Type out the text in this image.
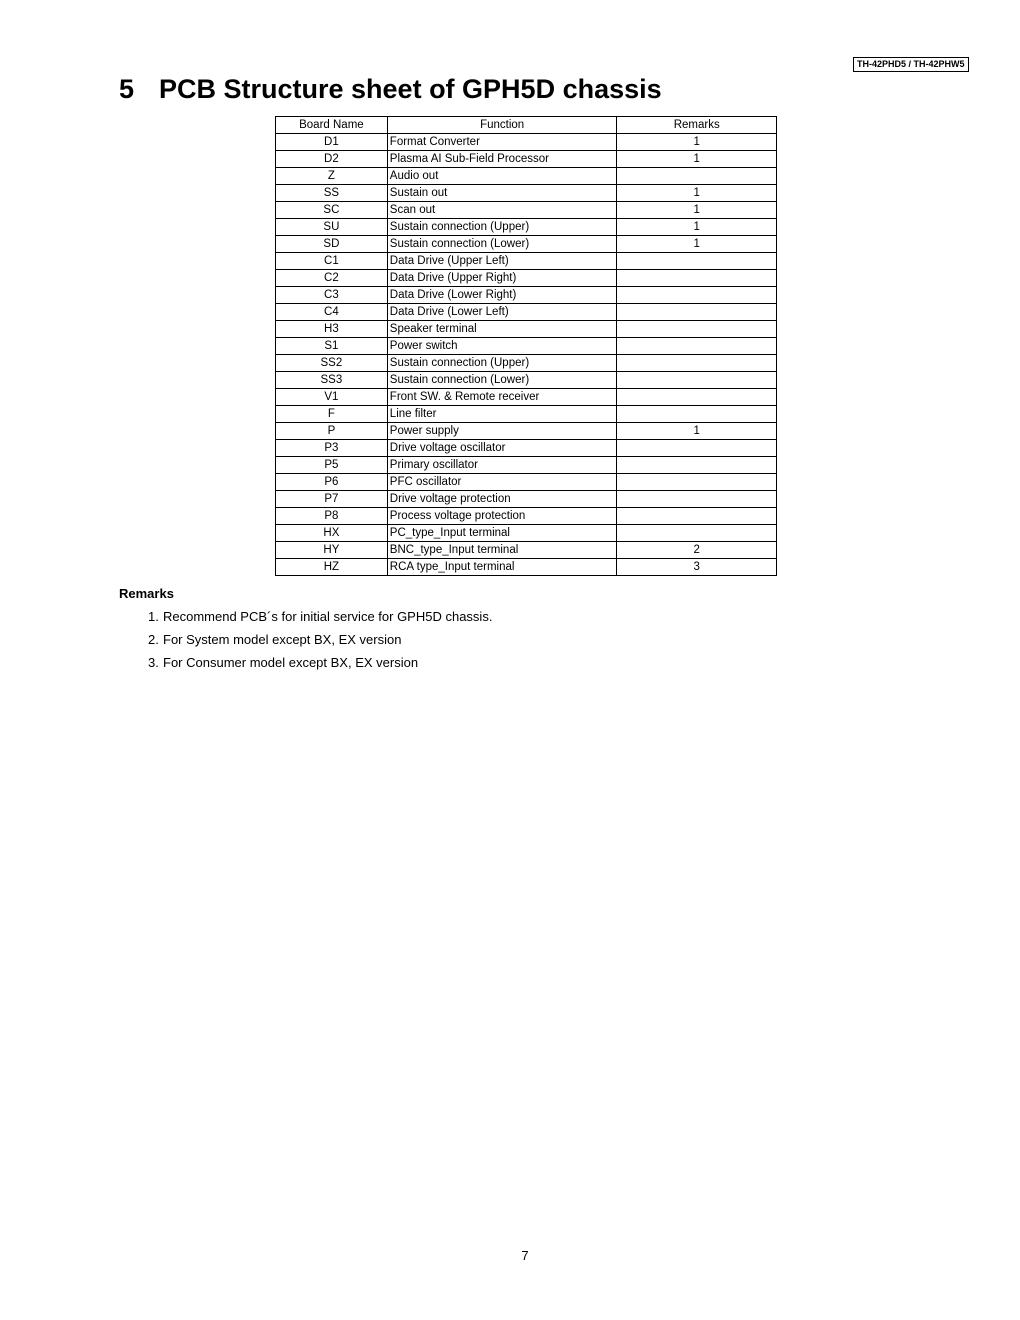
TH-42PHD5 / TH-42PHW5
5 PCB Structure sheet of GPH5D chassis
Board Name	Function	Remarks
D1	Format Converter	1
D2	Plasma AI Sub-Field Processor	1
Z	Audio out	
SS	Sustain out	1
SC	Scan out	1
SU	Sustain connection (Upper)	1
SD	Sustain connection (Lower)	1
C1	Data Drive (Upper Left)	
C2	Data Drive (Upper Right)	
C3	Data Drive (Lower Right)	
C4	Data Drive (Lower Left)	
H3	Speaker terminal	
S1	Power switch	
SS2	Sustain connection (Upper)	
SS3	Sustain connection (Lower)	
V1	Front SW. & Remote receiver	
F	Line filter	
P	Power supply	1
P3	Drive voltage oscillator	
P5	Primary oscillator	
P6	PFC oscillator	
P7	Drive voltage protection	
P8	Process voltage protection	
HX	PC_type_Input terminal	
HY	BNC_type_Input terminal	2
HZ	RCA type_Input terminal	3
Remarks
1. Recommend PCB´s for initial service for GPH5D chassis.
2. For System model except BX, EX version
3. For Consumer model except BX, EX version
7
